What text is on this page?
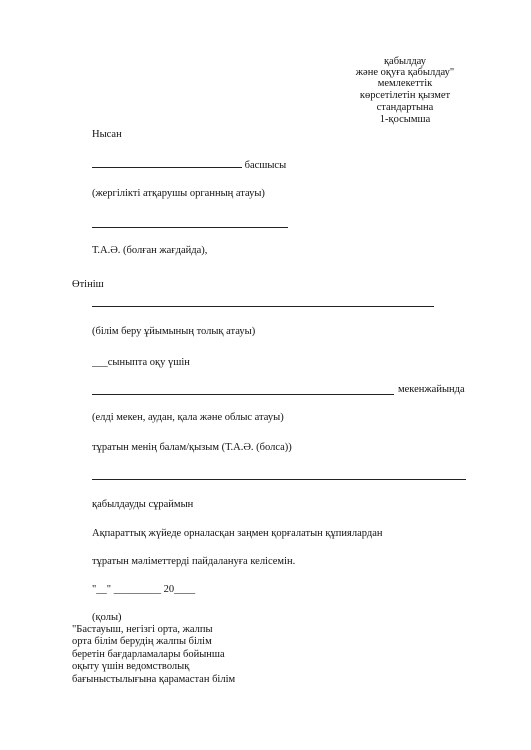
қабылдау
және оқуға қабылдау"
мемлекеттік
көрсетілетін қызмет
стандартына
1-қосымша
Нысан
басшысы
(жергілікті атқарушы органның атауы)
Т.А.Ә. (болған жағдайда),
Өтініш
(білім беру ұйымының толық атауы)
___сыныпта оқу үшін
мекенжайында
(елді мекен, аудан, қала және облыс атауы)
тұратын менің балам/қызым (Т.А.Ә. (болса))
қабылдауды сұраймын
Ақпараттық жүйеде орналасқан заңмен қорғалатын құпиялардан
тұратын мәліметтерді пайдалануға келісемін.
"__" _________ 20____
(қолы)
"Бастауыш, негізгі орта, жалпы
орта білім берудің жалпы білім
беретін бағдарламалары бойынша
оқыту үшін ведомстволық
бағыныстылығына қарамастан білім
